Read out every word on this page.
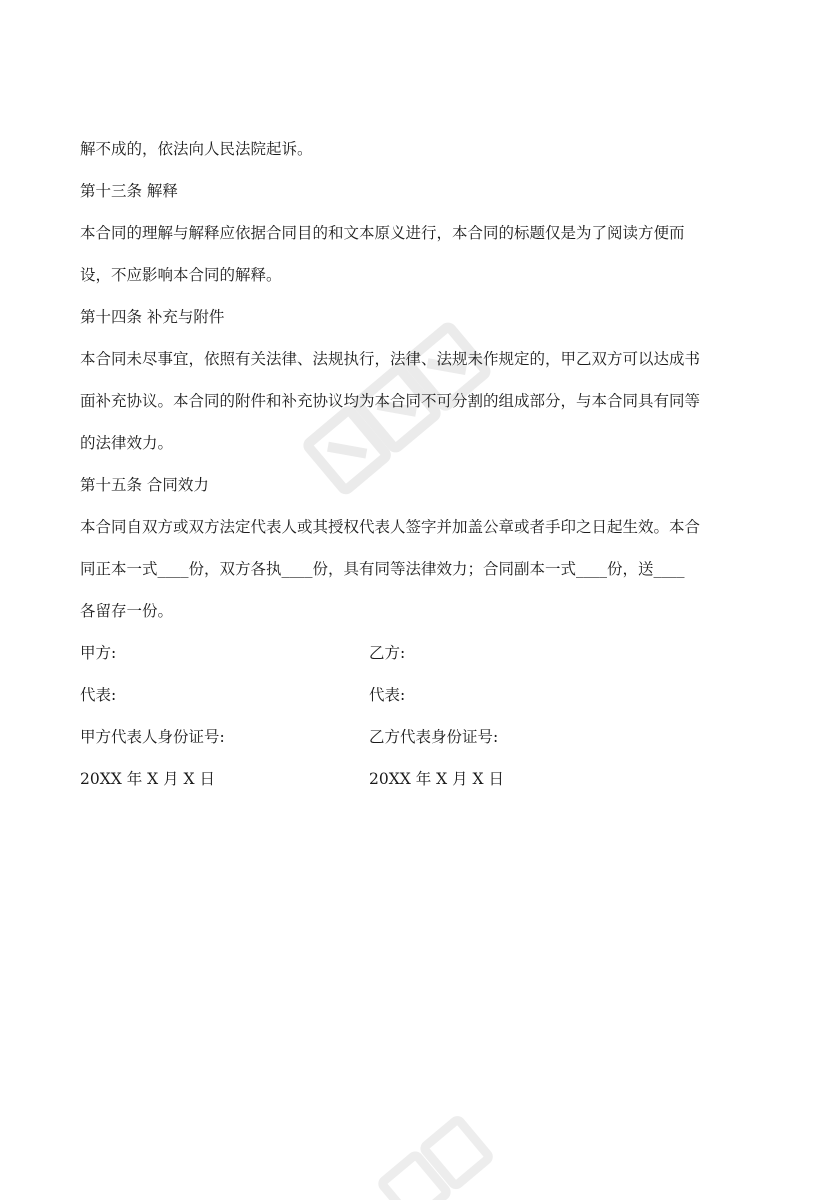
解不成的，依法向人民法院起诉。
第十三条 解释
本合同的理解与解释应依据合同目的和文本原义进行，本合同的标题仅是为了阅读方便而
设，不应影响本合同的解释。
第十四条 补充与附件
本合同未尽事宜，依照有关法律、法规执行，法律、法规未作规定的，甲乙双方可以达成书
面补充协议。本合同的附件和补充协议均为本合同不可分割的组成部分，与本合同具有同等
的法律效力。
第十五条 合同效力
本合同自双方或双方法定代表人或其授权代表人签字并加盖公章或者手印之日起生效。本合
同正本一式____份，双方各执____份，具有同等法律效力；合同副本一式____份，送____
各留存一份。
甲方:	乙方:
代表:	代表:
甲方代表人身份证号:	乙方代表身份证号:
20XX 年 X 月 X 日	20XX 年 X 月 X 日
